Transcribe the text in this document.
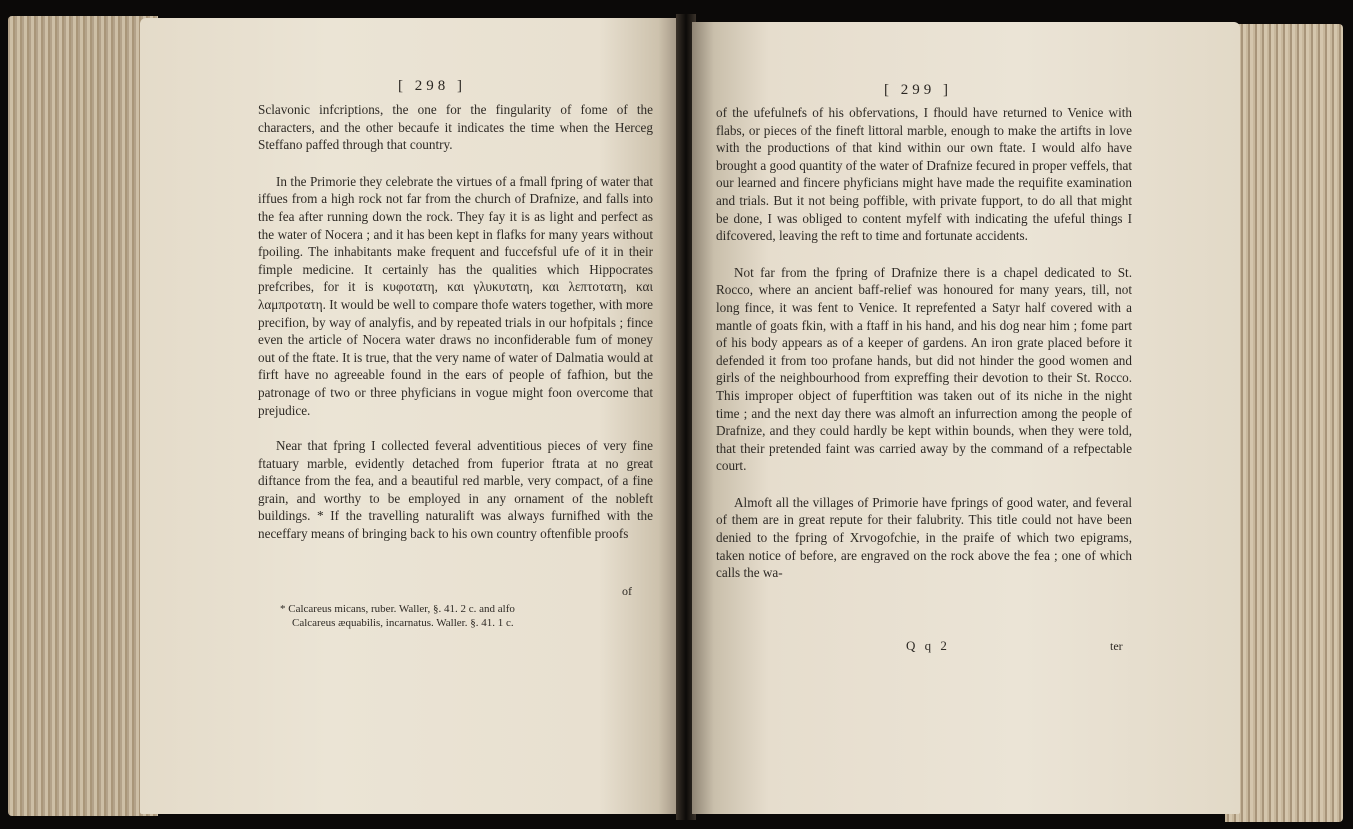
[ 298 ]

Sclavonic infcriptions, the one for the fingularity of fome of the characters, and the other becaufe it indicates the time when the Herceg Steffano paffed through that country.

In the Primorie they celebrate the virtues of a fmall fpring of water that iffues from a high rock not far from the church of Drafnize, and falls into the fea after running down the rock. They fay it is as light and perfect as the water of Nocera ; and it has been kept in flafks for many years without fpoiling. The inhabitants make frequent and fuccefsful ufe of it in their fimple medicine. It certainly has the qualities which Hippocrates prefcribes, for it is κυφοτατη, και γλυκυτατη, και λεπτοτατη, και λαμπροτατη. It would be well to compare thofe waters together, with more precifion, by way of analyfis, and by repeated trials in our hofpitals ; fince even the article of Nocera water draws no inconfiderable fum of money out of the ftate. It is true, that the very name of water of Dalmatia would at firft have no agreeable found in the ears of people of fafhion, but the patronage of two or three phyficians in vogue might foon overcome that prejudice.

Near that fpring I collected feveral adventitious pieces of very fine ftatuary marble, evidently detached from fuperior ftrata at no great diftance from the fea, and a beautiful red marble, very compact, of a fine grain, and worthy to be employed in any ornament of the nobleft buildings. * If the travelling naturalift was always furnifhed with the neceffary means of bringing back to his own country oftenfible proofs

of
* Calcareus micans, ruber. Waller, §. 41. 2 c. and alfo
Calcareus æquabilis, incarnatus. Waller. §. 41. 1 c.
[ 299 ]

of the ufefulnefs of his obfervations, I fhould have returned to Venice with flabs, or pieces of the fineft littoral marble, enough to make the artifts in love with the productions of that kind within our own ftate. I would alfo have brought a good quantity of the water of Drafnize fecured in proper veffels, that our learned and fincere phyficians might have made the requifite examination and trials. But it not being poffible, with private fupport, to do all that might be done, I was obliged to content myfelf with indicating the ufeful things I difcovered, leaving the reft to time and fortunate accidents.

Not far from the fpring of Drafnize there is a chapel dedicated to St. Rocco, where an ancient baff-relief was honoured for many years, till, not long fince, it was fent to Venice. It reprefented a Satyr half covered with a mantle of goats fkin, with a ftaff in his hand, and his dog near him ; fome part of his body appears as of a keeper of gardens. An iron grate placed before it defended it from too profane hands, but did not hinder the good women and girls of the neighbourhood from expreffing their devotion to their St. Rocco. This improper object of fuperftition was taken out of its niche in the night time ; and the next day there was almoft an infurrection among the people of Drafnize, and they could hardly be kept within bounds, when they were told, that their pretended faint was carried away by the command of a refpectable court.

Almoft all the villages of Primorie have fprings of good water, and feveral of them are in great repute for their falubrity. This title could not have been denied to the fpring of Xrvogofchie, in the praife of which two epigrams, taken notice of before, are engraved on the rock above the fea ; one of which calls the wa-

Q q 2	ter
